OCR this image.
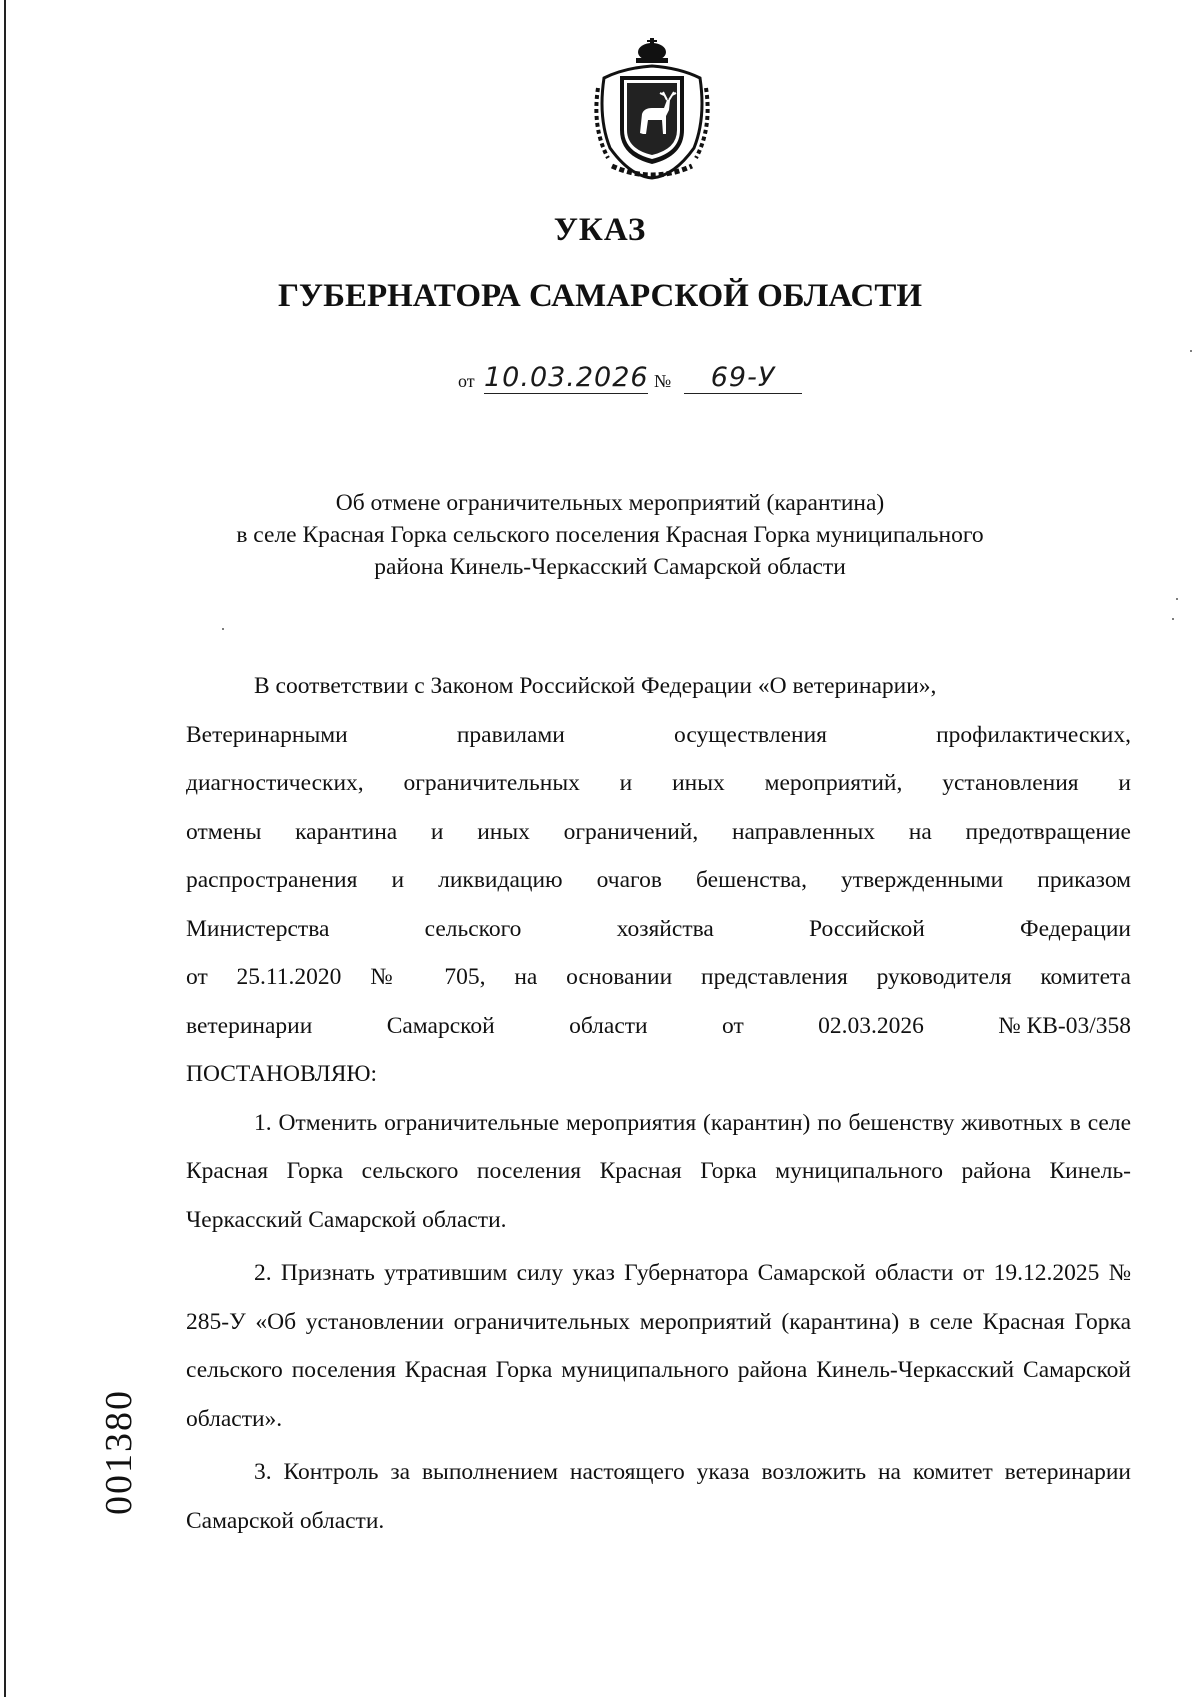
УКАЗ
ГУБЕРНАТОРА САМАРСКОЙ ОБЛАСТИ
от 10.03.2026 №	69-У
Об отмене ограничительных мероприятий (карантина)
в селе Красная Горка сельского поселения Красная Горка муниципального
района Кинель-Черкасский Самарской области

В соответствии с Законом Российской Федерации «О ветеринарии»,

Ветеринарными	правилами	осуществления	профилактических,

диагностических, ограничительных и иных мероприятий, установления и

отмены карантина и иных ограничений, направленных на предотвращение

распространения и ликвидацию очагов бешенства, утвержденными приказом

Министерства	сельского	хозяйства	Российской	Федерации

от 25.11.2020 № 705, на основании представления руководителя комитета

ветеринарии	Самарской	области	от	02.03.2026	№ КВ-03/358

ПОСТАНОВЛЯЮ:

1. Отменить ограничительные мероприятия (карантин) по бешенству животных в селе Красная Горка сельского поселения Красная Горка муниципального района Кинель-Черкасский Самарской области.

2. Признать утратившим силу указ Губернатора Самарской области от 19.12.2025 № 285-У «Об установлении ограничительных мероприятий (карантина) в селе Красная Горка сельского поселения Красная Горка муниципального района Кинель-Черкасский Самарской области».

3. Контроль за выполнением настоящего указа возложить на комитет ветеринарии Самарской области.

001380
